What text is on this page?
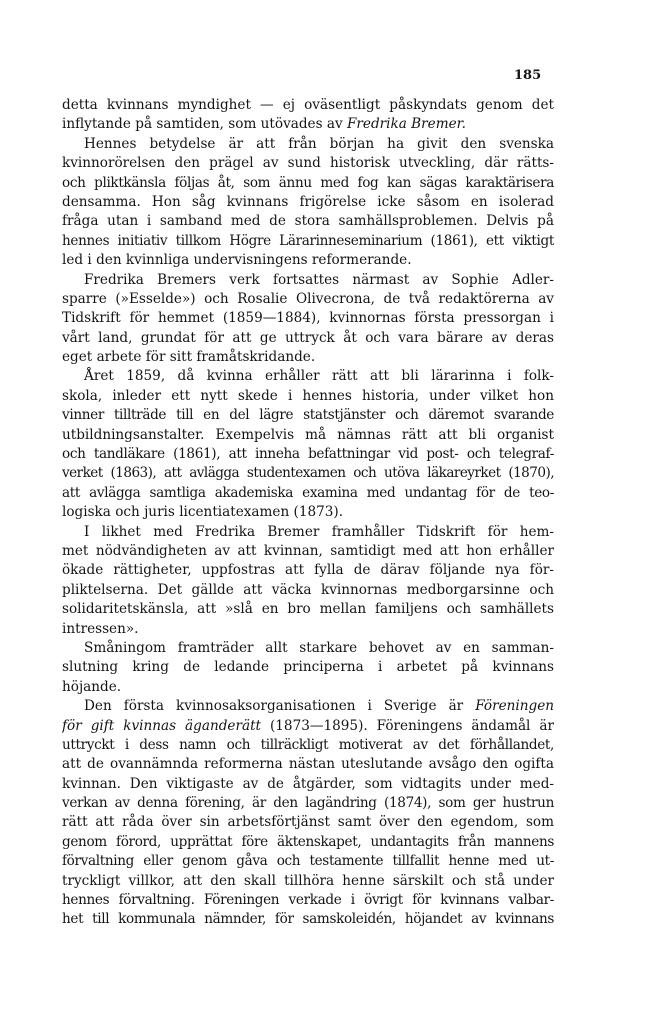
185
detta kvinnans myndighet — ej oväsentligt påskyndats genom det
inflytande på samtiden, som utövades av Fredrika Bremer.
Hennes betydelse är att från början ha givit den svenska
kvinnorörelsen den prägel av sund historisk utveckling, där rätts-
och pliktkänsla följas åt, som ännu med fog kan sägas karaktärisera
densamma. Hon såg kvinnans frigörelse icke såsom en isolerad
fråga utan i samband med de stora samhällsproblemen. Delvis på
hennes initiativ tillkom Högre Lärarinneseminarium (1861), ett viktigt
led i den kvinnliga undervisningens reformerande.
Fredrika Bremers verk fortsattes närmast av Sophie Adler-
sparre (»Esselde») och Rosalie Olivecrona, de två redaktörerna av
Tidskrift för hemmet (1859—1884), kvinnornas första pressorgan i
vårt land, grundat för att ge uttryck åt och vara bärare av deras
eget arbete för sitt framåtskridande.
Året 1859, då kvinna erhåller rätt att bli lärarinna i folk-
skola, inleder ett nytt skede i hennes historia, under vilket hon
vinner tillträde till en del lägre statstjänster och däremot svarande
utbildningsanstalter. Exempelvis må nämnas rätt att bli organist
och tandläkare (1861), att inneha befattningar vid post- och telegraf-
verket (1863), att avlägga studentexamen och utöva läkareyrket (1870),
att avlägga samtliga akademiska examina med undantag för de teo-
logiska och juris licentiatexamen (1873).
I likhet med Fredrika Bremer framhåller Tidskrift för hem-
met nödvändigheten av att kvinnan, samtidigt med att hon erhåller
ökade rättigheter, uppfostras att fylla de därav följande nya för-
pliktelserna. Det gällde att väcka kvinnornas medborgarsinne och
solidaritetskänsla, att »slå en bro mellan familjens och samhällets
intressen».
Småningom framträder allt starkare behovet av en samman-
slutning kring de ledande principerna i arbetet på kvinnans
höjande.
Den första kvinnosaksorganisationen i Sverige är Föreningen
för gift kvinnas äganderätt (1873—1895). Föreningens ändamål är
uttryckt i dess namn och tillräckligt motiverat av det förhållandet,
att de ovannämnda reformerna nästan uteslutande avsågo den ogifta
kvinnan. Den viktigaste av de åtgärder, som vidtagits under med-
verkan av denna förening, är den lagändring (1874), som ger hustrun
rätt att råda över sin arbetsförtjänst samt över den egendom, som
genom förord, upprättat före äktenskapet, undantagits från mannens
förvaltning eller genom gåva och testamente tillfallit henne med ut-
tryckligt villkor, att den skall tillhöra henne särskilt och stå under
hennes förvaltning. Föreningen verkade i övrigt för kvinnans valbar-
het till kommunala nämnder, för samskoleidén, höjandet av kvinnans
